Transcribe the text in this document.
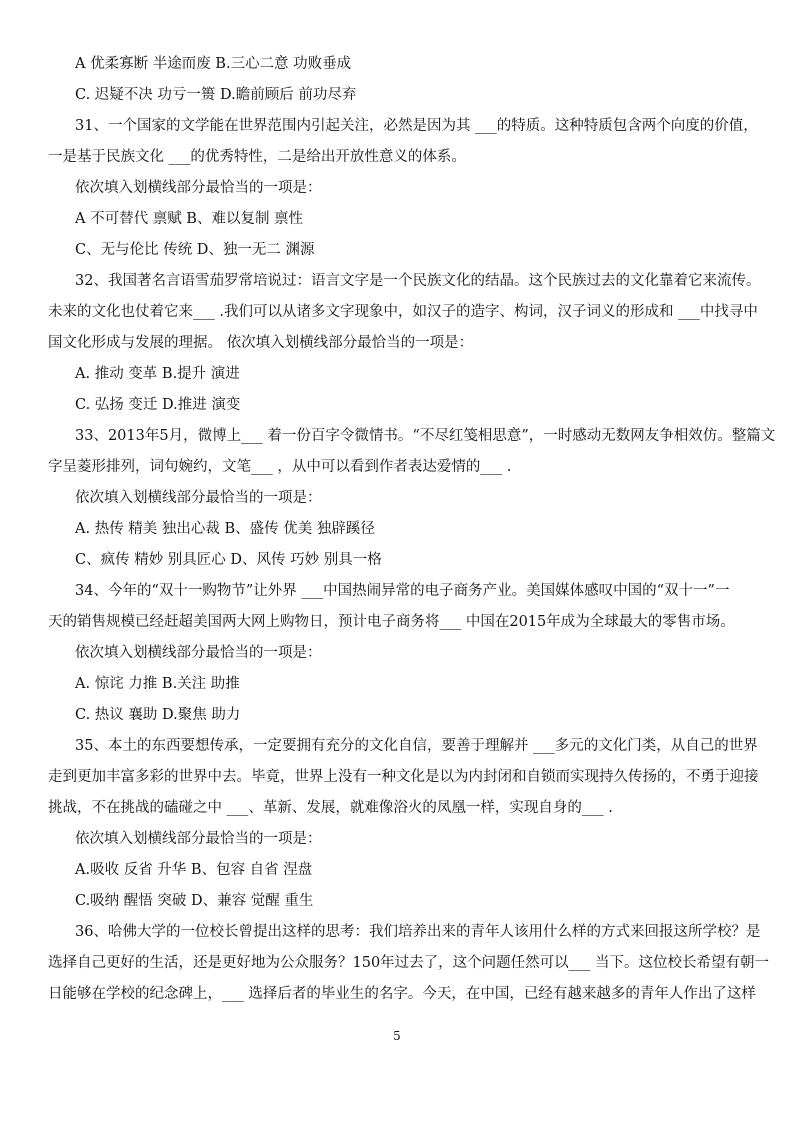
A 优柔寡断 半途而废 B.三心二意 功败垂成
C. 迟疑不决 功亏一篑 D.瞻前顾后 前功尽弃
31、一个国家的文学能在世界范围内引起关注，必然是因为其 ___的特质。这种特质包含两个向度的价值，
一是基于民族文化 ___的优秀特性，二是给出开放性意义的体系。
依次填入划横线部分最恰当的一项是：
A 不可替代 禀赋 B、难以复制 禀性
C、无与伦比 传统 D、独一无二 渊源
32、我国著名言语雪茄罗常培说过：语言文字是一个民族文化的结晶。这个民族过去的文化靠着它来流传。
未来的文化也仗着它来___ .我们可以从诸多文字现象中，如汉子的造字、构词，汉子词义的形成和 ___中找寻中
国文化形成与发展的理据。 依次填入划横线部分最恰当的一项是：
A. 推动 变革 B.提升 演进
C. 弘扬 变迁 D.推进 演变
33、2013年5月，微博上___ 着一份百字令微情书。“不尽红笺相思意”，一时感动无数网友争相效仿。整篇文
字呈菱形排列，词句婉约，文笔___ ，从中可以看到作者表达爱情的___ .
依次填入划横线部分最恰当的一项是：
A. 热传 精美 独出心裁 B、盛传 优美 独辟蹊径
C、疯传 精妙 别具匠心 D、风传 巧妙 别具一格
34、今年的“双十一购物节”让外界 ___中国热闹异常的电子商务产业。美国媒体感叹中国的“双十一”一
天的销售规模已经赶超美国两大网上购物日，预计电子商务将___ 中国在2015年成为全球最大的零售市场。
依次填入划横线部分最恰当的一项是：
A. 惊诧 力推 B.关注 助推
C. 热议 襄助 D.聚焦 助力
35、本土的东西要想传承，一定要拥有充分的文化自信，要善于理解并 ___多元的文化门类，从自己的世界
走到更加丰富多彩的世界中去。毕竟，世界上没有一种文化是以为内封闭和自锁而实现持久传扬的，不勇于迎接
挑战，不在挑战的磕碰之中 ___、革新、发展，就难像浴火的凤凰一样，实现自身的___ .
依次填入划横线部分最恰当的一项是：
A.吸收 反省 升华 B、包容 自省 涅盘
C.吸纳 醒悟 突破 D、兼容 觉醒 重生
36、哈佛大学的一位校长曾提出这样的思考：我们培养出来的青年人该用什么样的方式来回报这所学校？是
选择自己更好的生活，还是更好地为公众服务？150年过去了，这个问题任然可以___ 当下。这位校长希望有朝一
日能够在学校的纪念碑上，___ 选择后者的毕业生的名字。今天，在中国，已经有越来越多的青年人作出了这样
5
